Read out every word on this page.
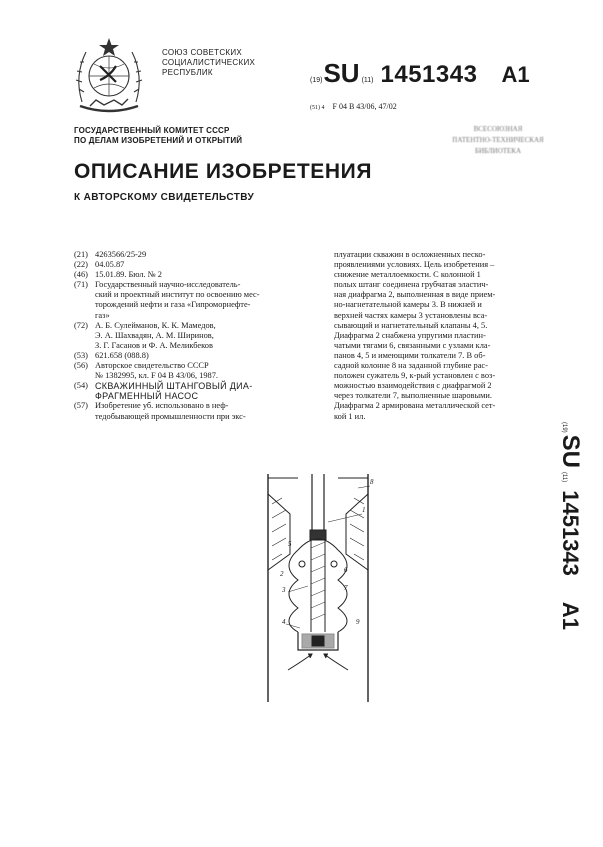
СОЮЗ СОВЕТСКИХ
СОЦИАЛИСТИЧЕСКИХ
РЕСПУБЛИК
(19) SU (11) 1451343 A1
(51) 4 F 04 B 43/06, 47/02
ВСЕСОЮЗНАЯ
ПАТЕНТНО-ТЕХНИЧЕСКАЯ
БИБЛИОТЕКА
ГОСУДАРСТВЕННЫЙ КОМИТЕТ СССР
ПО ДЕЛАМ ИЗОБРЕТЕНИЙ И ОТКРЫТИЙ
ОПИСАНИЕ ИЗОБРЕТЕНИЯ
К АВТОРСКОМУ СВИДЕТЕЛЬСТВУ
(21) 4263566/25-29
(22) 04.05.87
(46) 15.01.89. Бюл. № 2
(71) Государственный научно-исследователь-
ский и проектный институт по освоению мес-
торождений нефти и газа «Гипроморнефте-
газ»
(72) А. Б. Сулейманов, К. К. Мамедов,
Э. А. Шахвадян, А. М. Ширинов,
З. Г. Гасанов и Ф. А. Меликбеков
(53) 621.658 (088.8)
(56) Авторское свидетельство СССР
№ 1382995, кл. F 04 B 43/06, 1987.
(54) СКВАЖИННЫЙ ШТАНГОВЫЙ ДИА-
ФРАГМЕННЫЙ НАСОС
(57) Изобретение уб. использовано в неф-
тедобывающей промышленности при экс-
плуатации скважин в осложненных песко-
проявлениями условиях. Цель изобретения –
снижение металлоемкости. С колонной 1
полых штанг соединена грубчатая эластич-
ная диафрагма 2, выполненная в виде прием-
но-нагнетательной камеры 3. В нижней и
верхней частях камеры 3 установлены вса-
сывающий и нагнетательный клапаны 4, 5.
Диафрагма 2 снабжена упругими пластин-
чатыми тягами 6, связанными с узлами кла-
панов 4, 5 и имеющими толкатели 7. В об-
садной колонне 8 на заданной глубине рас-
положен сужатель 9, к-рый установлен с воз-
можностью взаимодействия с диафрагмой 2
через толкатели 7, выполненные шаровыми.
Диафрагма 2 армирована металлической сет-
кой 1 ил.
8
1
5
4
2
3
6
7
9
(19)
SU
(11)
1451343
A1
